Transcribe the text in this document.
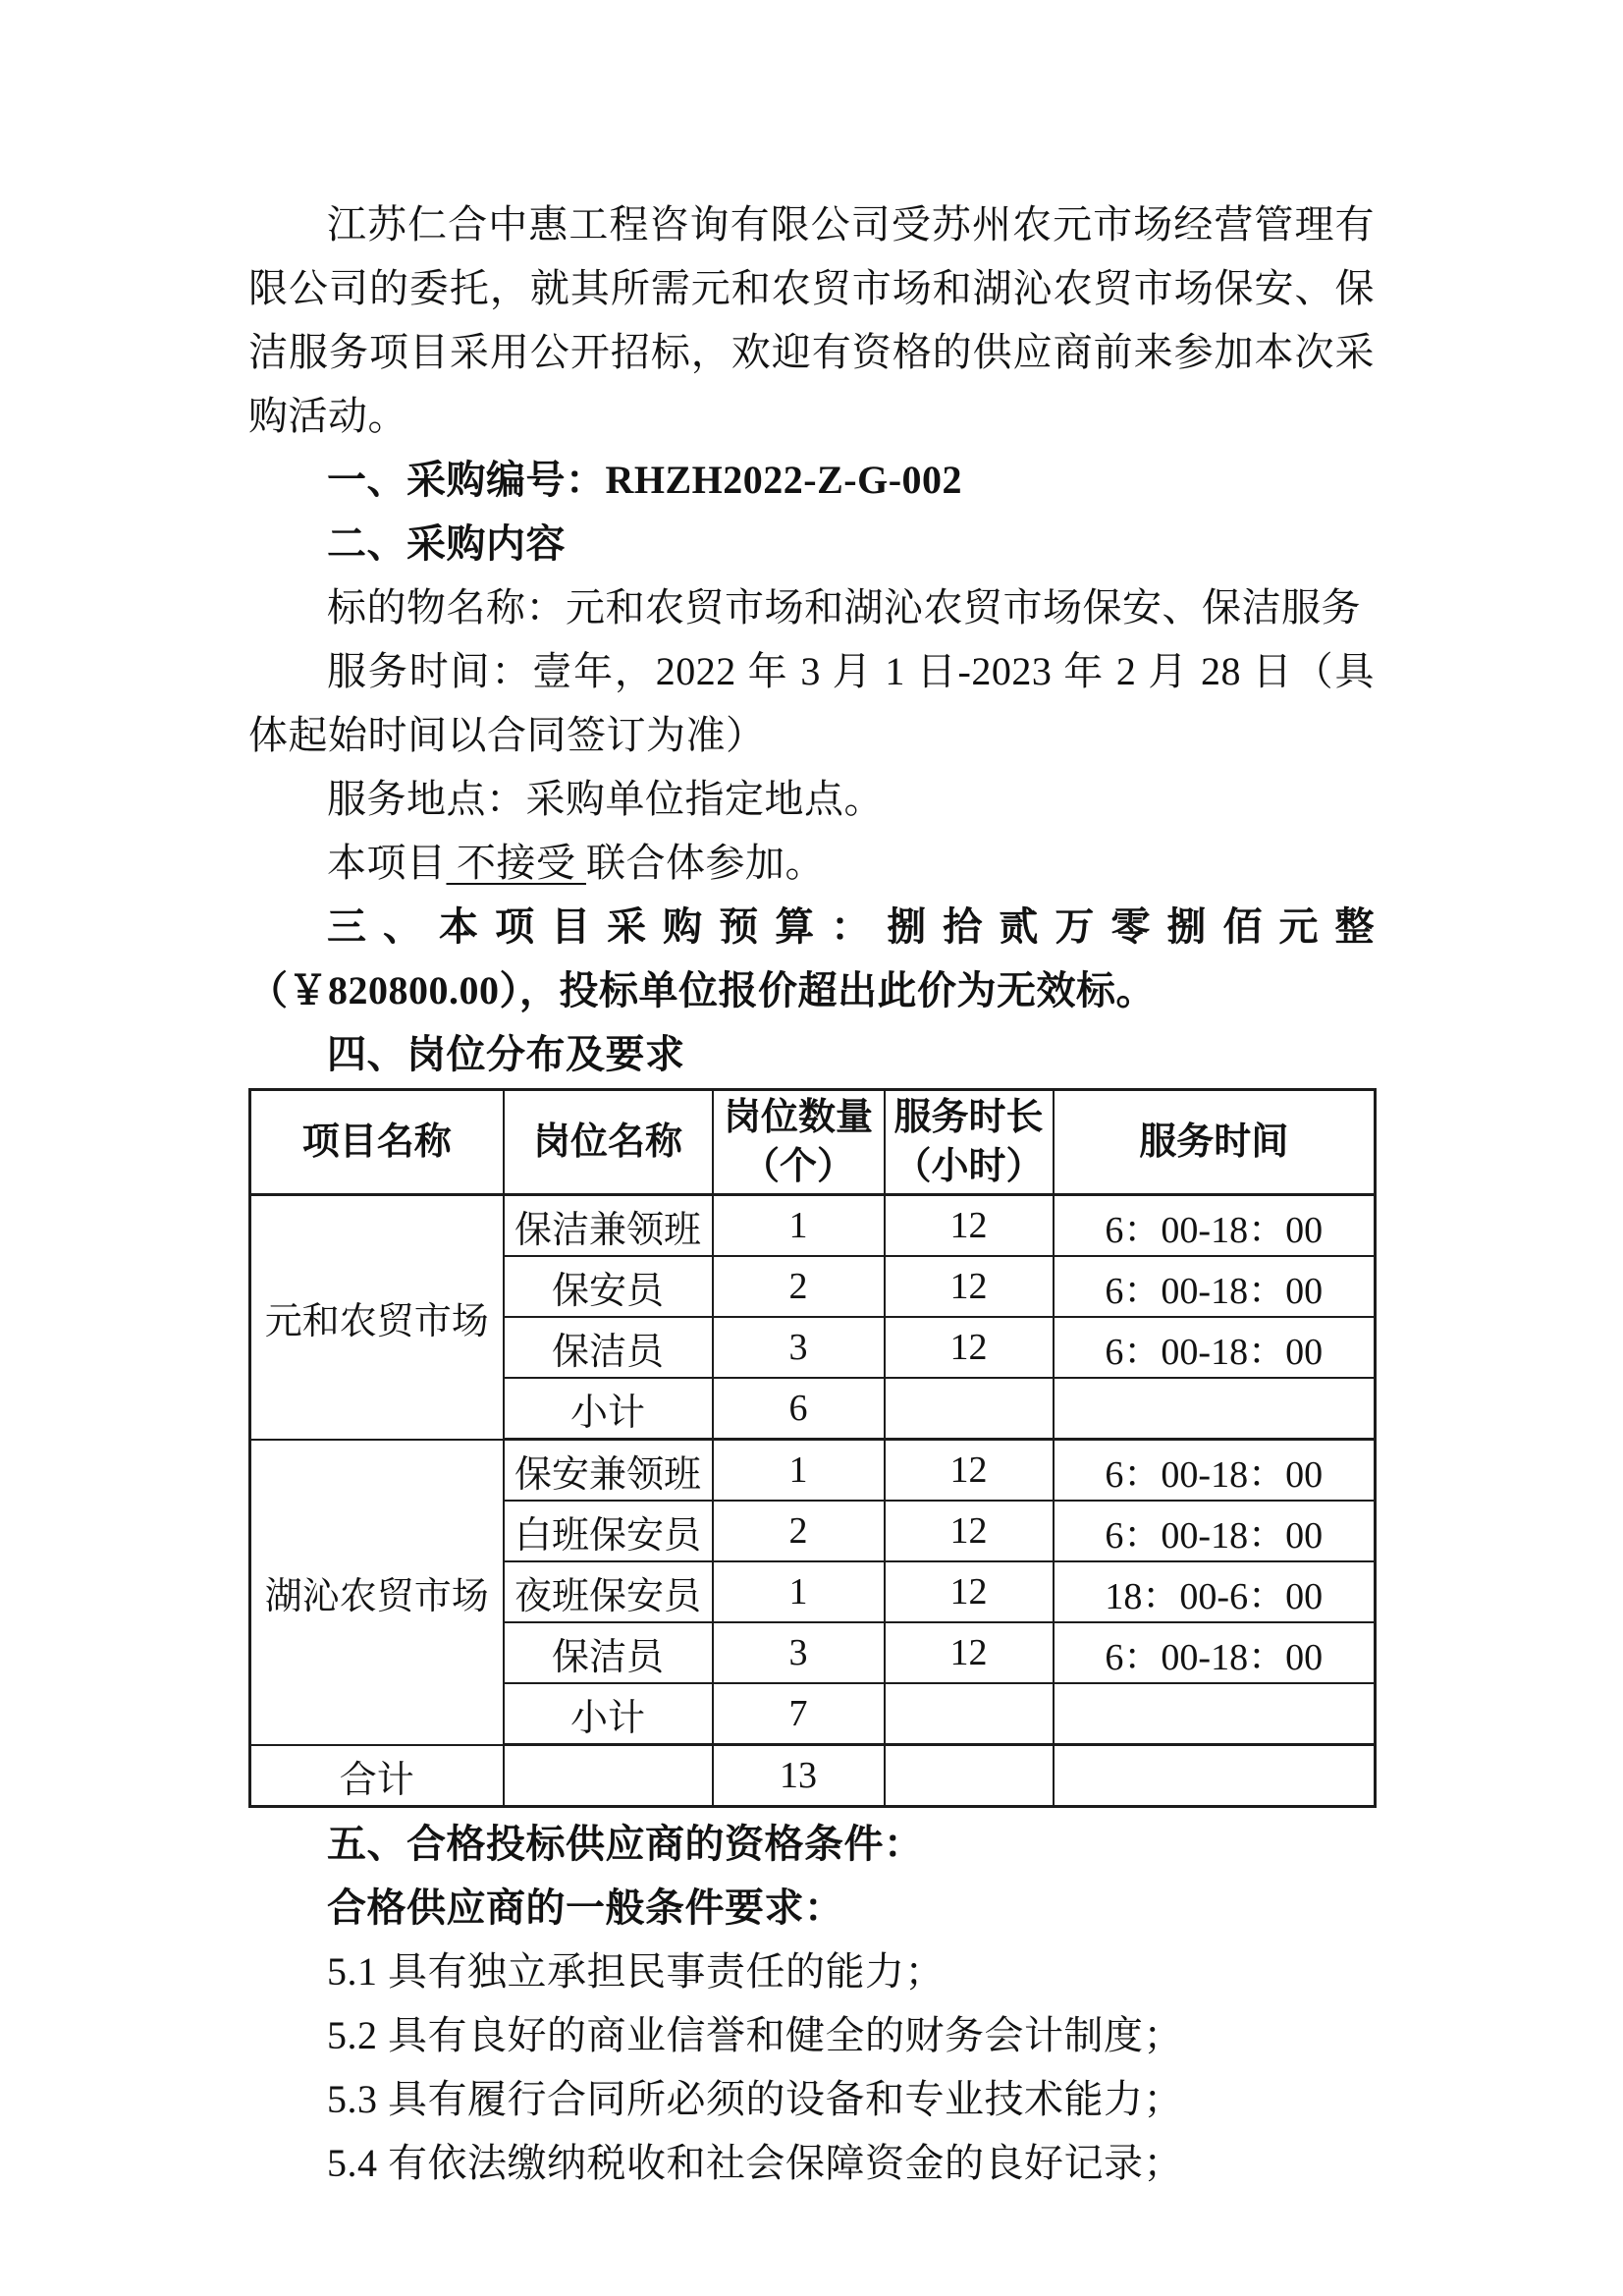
江苏仁合中惠工程咨询有限公司受苏州农元市场经营管理有限公司的委托，就其所需元和农贸市场和湖沁农贸市场保安、保洁服务项目采用公开招标，欢迎有资格的供应商前来参加本次采购活动。

一、采购编号：RHZH2022-Z-G-002

二、采购内容

标的物名称：元和农贸市场和湖沁农贸市场保安、保洁服务

服务时间：壹年，2022 年 3 月 1 日-2023 年 2 月 28 日（具体起始时间以合同签订为准）

服务地点：采购单位指定地点。

本项目 不接受 联合体参加。

三、本项目采购预算：捌拾贰万零捌佰元整（￥820800.00），投标单位报价超出此价为无效标。

四、岗位分布及要求

项目名称	岗位名称	岗位数量（个）	服务时长（小时）	服务时间
元和农贸市场	保洁兼领班	1	12	6：00-18：00
	保安员	2	12	6：00-18：00
	保洁员	3	12	6：00-18：00
	小计	6		
湖沁农贸市场	保安兼领班	1	12	6：00-18：00
	白班保安员	2	12	6：00-18：00
	夜班保安员	1	12	18：00-6：00
	保洁员	3	12	6：00-18：00
	小计	7		
合计		13		

五、合格投标供应商的资格条件：

合格供应商的一般条件要求：

5.1 具有独立承担民事责任的能力；

5.2 具有良好的商业信誉和健全的财务会计制度；

5.3 具有履行合同所必须的设备和专业技术能力；

5.4 有依法缴纳税收和社会保障资金的良好记录；
